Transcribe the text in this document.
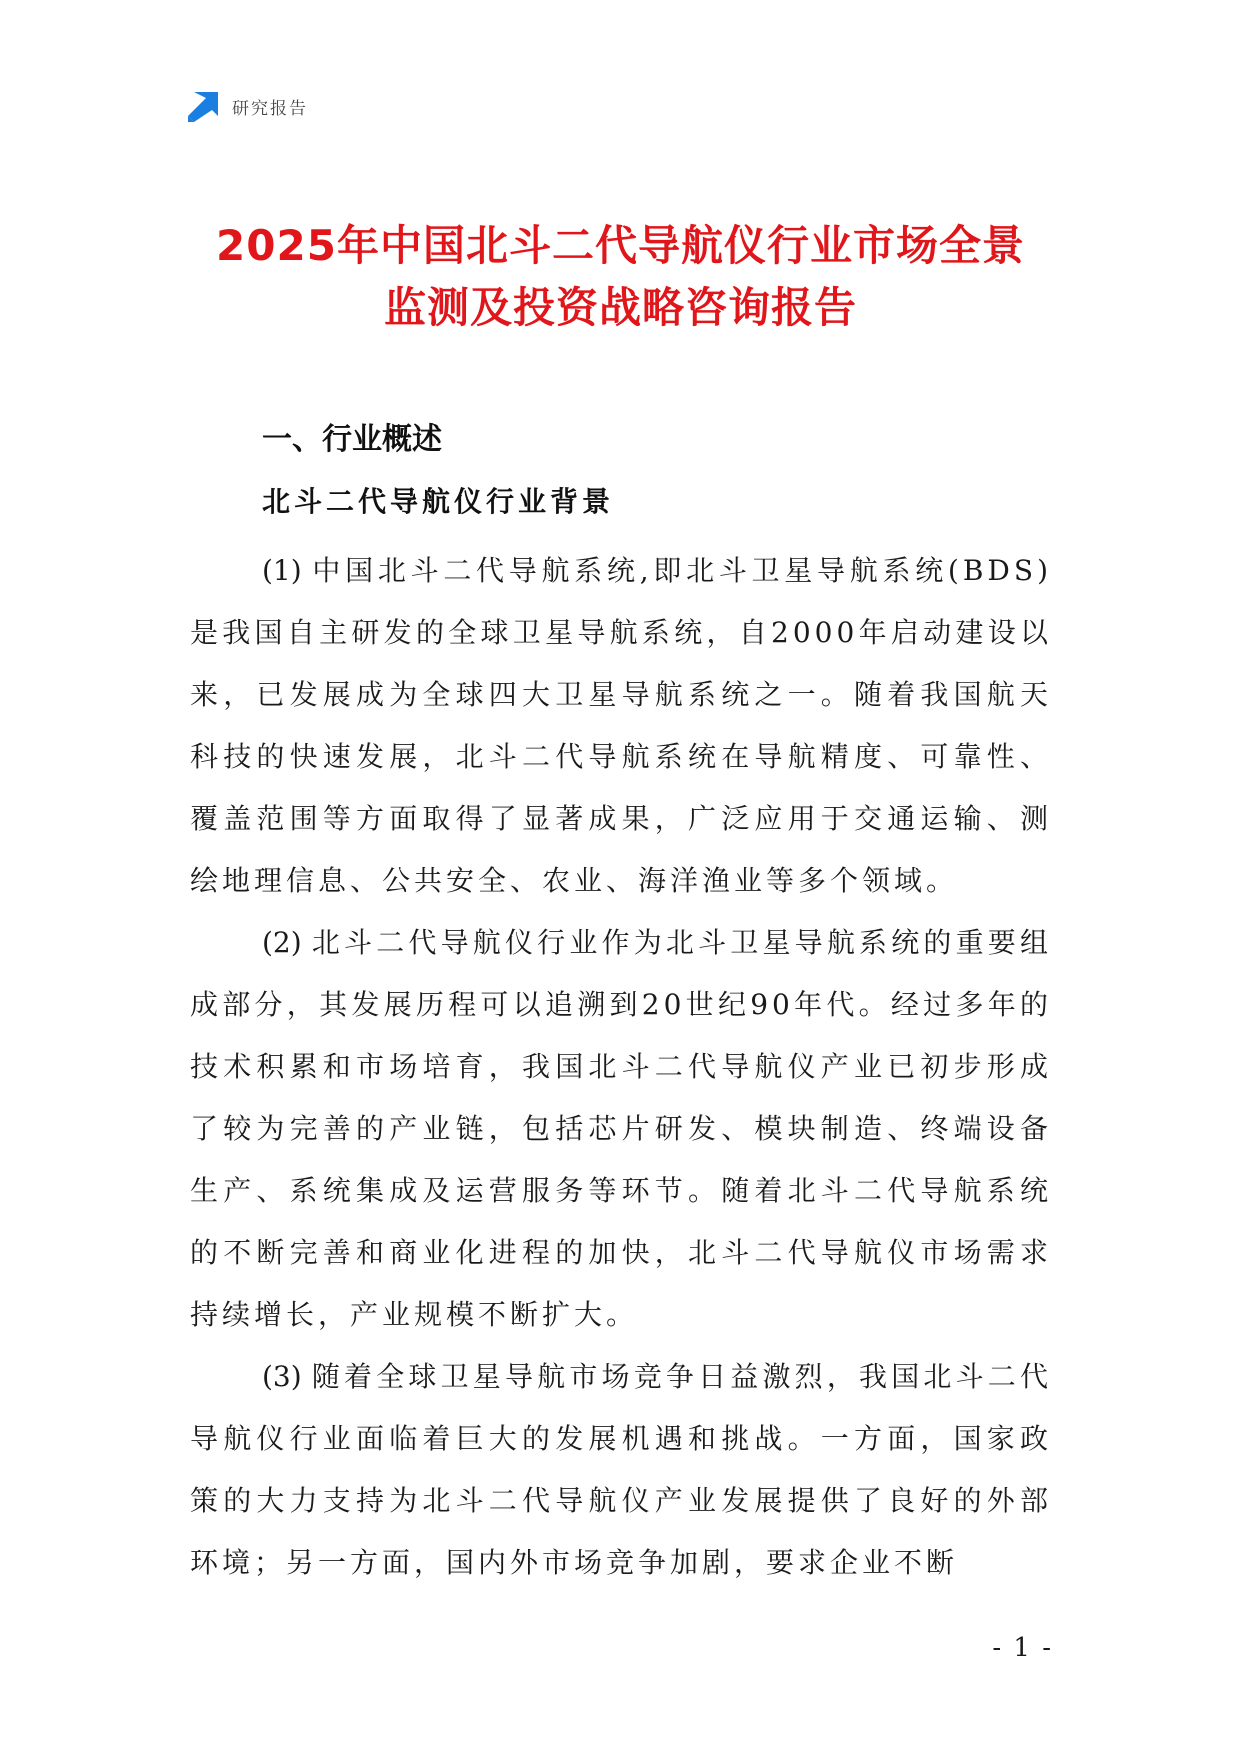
研究报告
2025年中国北斗二代导航仪行业市场全景
监测及投资战略咨询报告
一、行业概述
北斗二代导航仪行业背景

(1) 中国北斗二代导航系统,即北斗卫星导航系统(BDS)是我国自主研发的全球卫星导航系统，自2000年启动建设以来，已发展成为全球四大卫星导航系统之一。随着我国航天科技的快速发展，北斗二代导航系统在导航精度、可靠性、覆盖范围等方面取得了显著成果，广泛应用于交通运输、测绘地理信息、公共安全、农业、海洋渔业等多个领域。

(2) 北斗二代导航仪行业作为北斗卫星导航系统的重要组成部分，其发展历程可以追溯到20世纪90年代。经过多年的技术积累和市场培育，我国北斗二代导航仪产业已初步形成了较为完善的产业链，包括芯片研发、模块制造、终端设备生产、系统集成及运营服务等环节。随着北斗二代导航系统的不断完善和商业化进程的加快，北斗二代导航仪市场需求持续增长，产业规模不断扩大。

(3) 随着全球卫星导航市场竞争日益激烈，我国北斗二代导航仪行业面临着巨大的发展机遇和挑战。一方面，国家政策的大力支持为北斗二代导航仪产业发展提供了良好的外部环境；另一方面，国内外市场竞争加剧，要求企业不断

- 1 -
